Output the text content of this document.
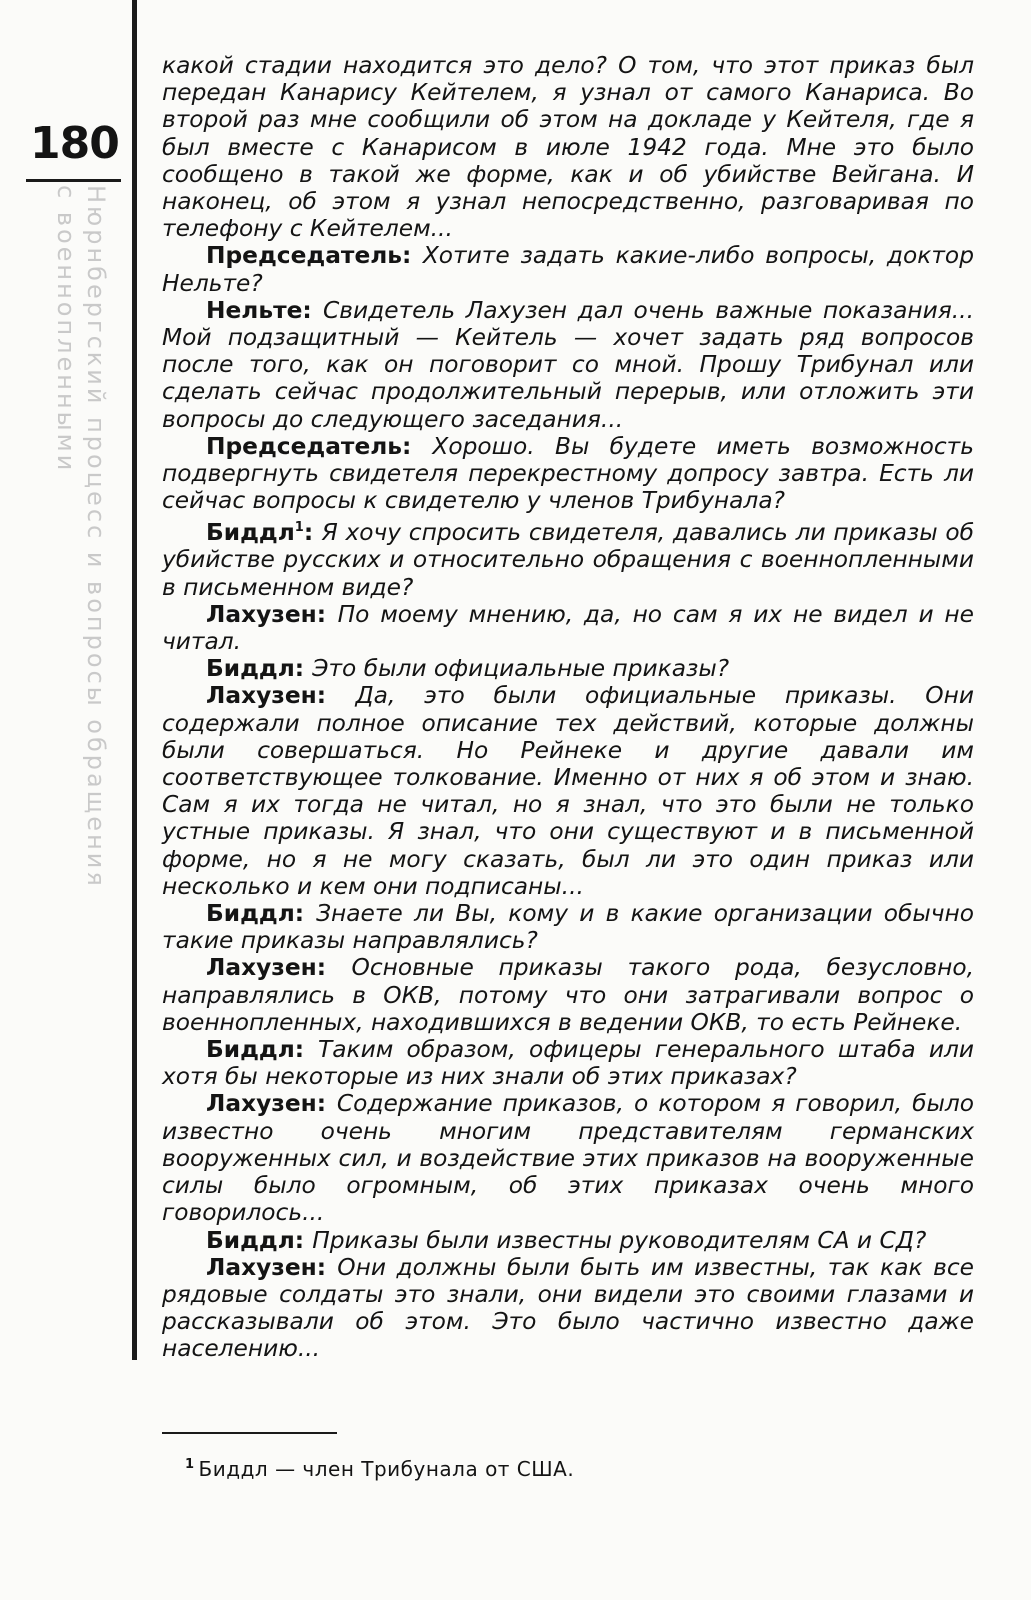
180
Нюрнбергский процесс и вопросы обращения
с военнопленными

какой стадии находится это дело? О том, что этот приказ был передан Канарису Кейтелем, я узнал от самого Канариса. Во второй раз мне сообщили об этом на докладе у Кейтеля, где я был вместе с Канарисом в июле 1942 года. Мне это было сообщено в такой же форме, как и об убийстве Вейгана. И наконец, об этом я узнал непосредственно, разговаривая по телефону с Кейтелем...

Председатель: Хотите задать какие-либо вопросы, доктор Нельте?

Нельте: Свидетель Лахузен дал очень важные показания... Мой подзащитный — Кейтель — хочет задать ряд вопросов после того, как он поговорит со мной. Прошу Трибунал или сделать сейчас продолжительный перерыв, или отложить эти вопросы до следующего заседания...

Председатель: Хорошо. Вы будете иметь возможность подвергнуть свидетеля перекрестному допросу завтра. Есть ли сейчас вопросы к свидетелю у членов Трибунала?

Биддл$^1$: Я хочу спросить свидетеля, давались ли приказы об убийстве русских и относительно обращения с военнопленными в письменном виде?

Лахузен: По моему мнению, да, но сам я их не видел и не читал.

Биддл: Это были официальные приказы?

Лахузен: Да, это были официальные приказы. Они содержали полное описание тех действий, которые должны были совершаться. Но Рейнеке и другие давали им соответствующее толкование. Именно от них я об этом и знаю. Сам я их тогда не читал, но я знал, что это были не только устные приказы. Я знал, что они существуют и в письменной форме, но я не могу сказать, был ли это один приказ или несколько и кем они подписаны...

Биддл: Знаете ли Вы, кому и в какие организации обычно такие приказы направлялись?

Лахузен: Основные приказы такого рода, безусловно, направлялись в ОКВ, потому что они затрагивали вопрос о военнопленных, находившихся в ведении ОКВ, то есть Рейнеке.

Биддл: Таким образом, офицеры генерального штаба или хотя бы некоторые из них знали об этих приказах?

Лахузен: Содержание приказов, о котором я говорил, было известно очень многим представителям германских вооруженных сил, и воздействие этих приказов на вооруженные силы было огромным, об этих приказах очень много говорилось...

Биддл: Приказы были известны руководителям СА и СД?

Лахузен: Они должны были быть им известны, так как все рядовые солдаты это знали, они видели это своими глазами и рассказывали об этом. Это было частично известно даже населению...

$^1$ Биддл — член Трибунала от США.
